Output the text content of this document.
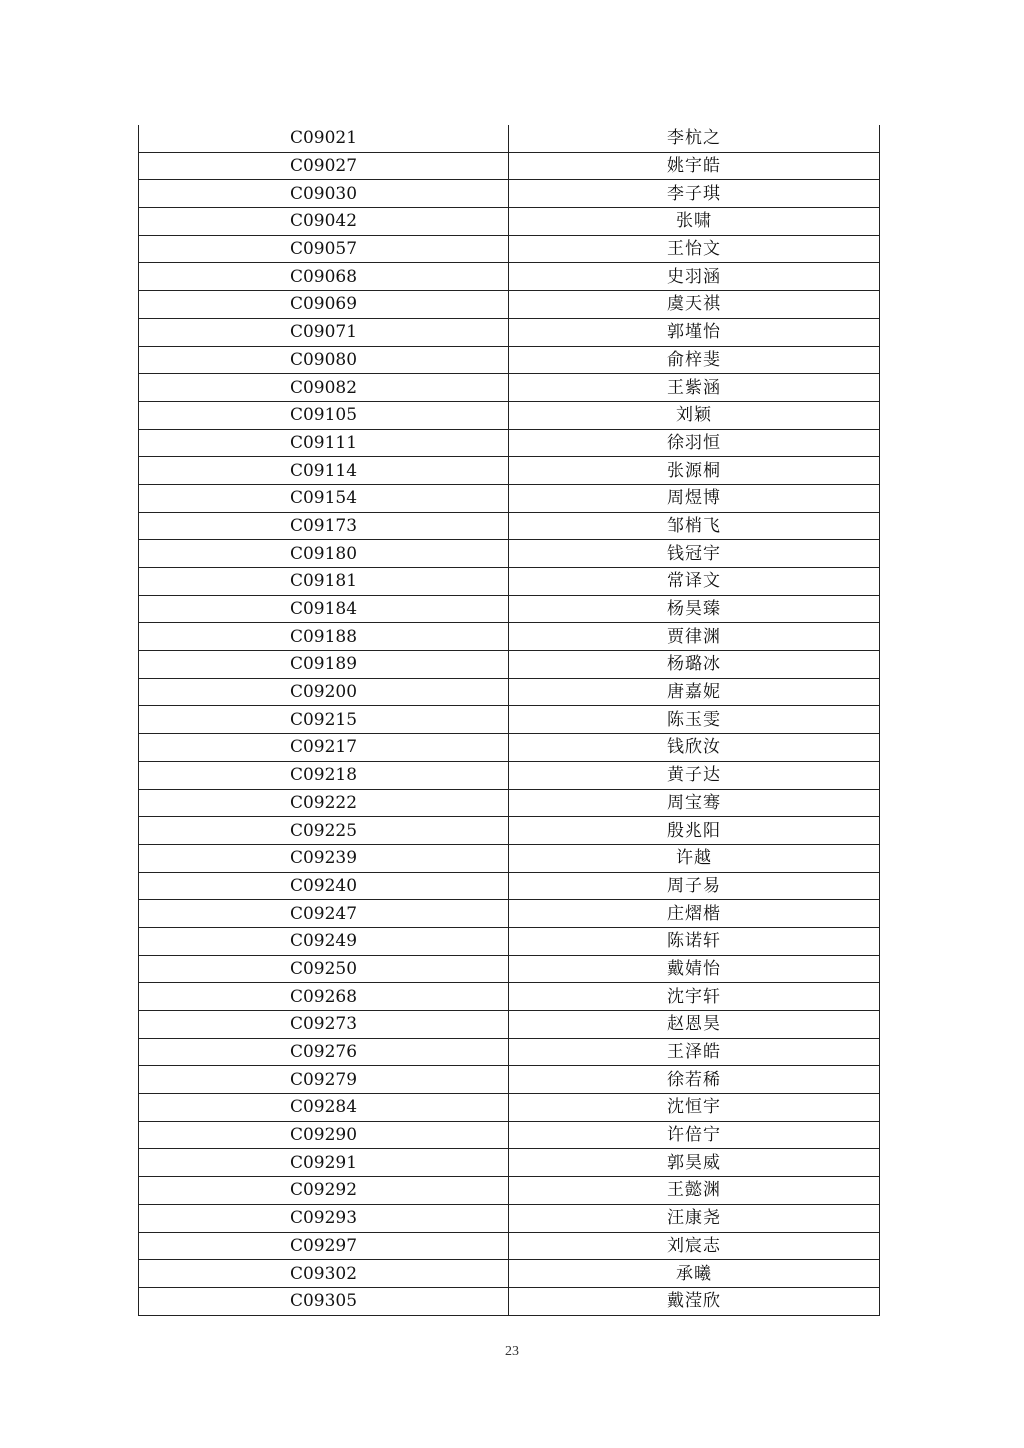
C09021	李杭之
C09027	姚宇皓
C09030	李子琪
C09042	张啸
C09057	王怡文
C09068	史羽涵
C09069	虞天祺
C09071	郭墐怡
C09080	俞梓斐
C09082	王紫涵
C09105	刘颖
C09111	徐羽恒
C09114	张源桐
C09154	周煜博
C09173	邹梢飞
C09180	钱冠宇
C09181	常译文
C09184	杨昊臻
C09188	贾律渊
C09189	杨璐冰
C09200	唐嘉妮
C09215	陈玉雯
C09217	钱欣汝
C09218	黄子达
C09222	周宝骞
C09225	殷兆阳
C09239	许越
C09240	周子易
C09247	庄熠楷
C09249	陈诺轩
C09250	戴婧怡
C09268	沈宇轩
C09273	赵恩昊
C09276	王泽皓
C09279	徐若稀
C09284	沈恒宇
C09290	许倍宁
C09291	郭昊威
C09292	王懿渊
C09293	汪康尧
C09297	刘宸志
C09302	承曦
C09305	戴滢欣
23
